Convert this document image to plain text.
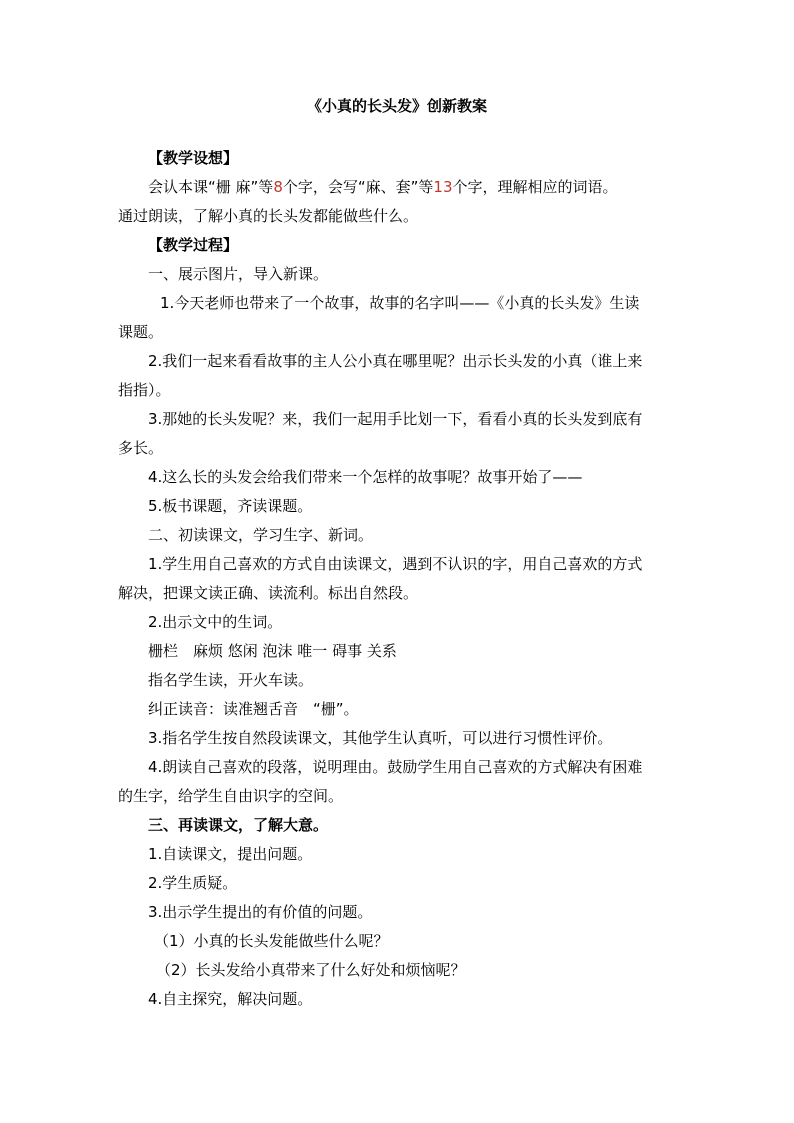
《小真的长头发》创新教案
【教学设想】
会认本课“栅 麻”等8个字，会写“麻、套”等13个字，理解相应的词语。
通过朗读，了解小真的长头发都能做些什么。
【教学过程】
一、展示图片，导入新课。
1.今天老师也带来了一个故事，故事的名字叫——《小真的长头发》生读
课题。
2.我们一起来看看故事的主人公小真在哪里呢？出示长头发的小真（谁上来
指指）。
3.那她的长头发呢？来，我们一起用手比划一下，看看小真的长头发到底有
多长。
4.这么长的头发会给我们带来一个怎样的故事呢？故事开始了——
5.板书课题，齐读课题。
二、初读课文，学习生字、新词。
1.学生用自己喜欢的方式自由读课文，遇到不认识的字，用自己喜欢的方式
解决，把课文读正确、读流利。标出自然段。
2.出示文中的生词。
栅栏　麻烦 悠闲 泡沫 唯一 碍事 关系
指名学生读，开火车读。
纠正读音：读准翘舌音　“栅”。
3.指名学生按自然段读课文，其他学生认真听，可以进行习惯性评价。
4.朗读自己喜欢的段落，说明理由。鼓励学生用自己喜欢的方式解决有困难
的生字，给学生自由识字的空间。
三、再读课文，了解大意。
1.自读课文，提出问题。
2.学生质疑。
3.出示学生提出的有价值的问题。
（1）小真的长头发能做些什么呢？
（2）长头发给小真带来了什么好处和烦恼呢？
4.自主探究，解决问题。
